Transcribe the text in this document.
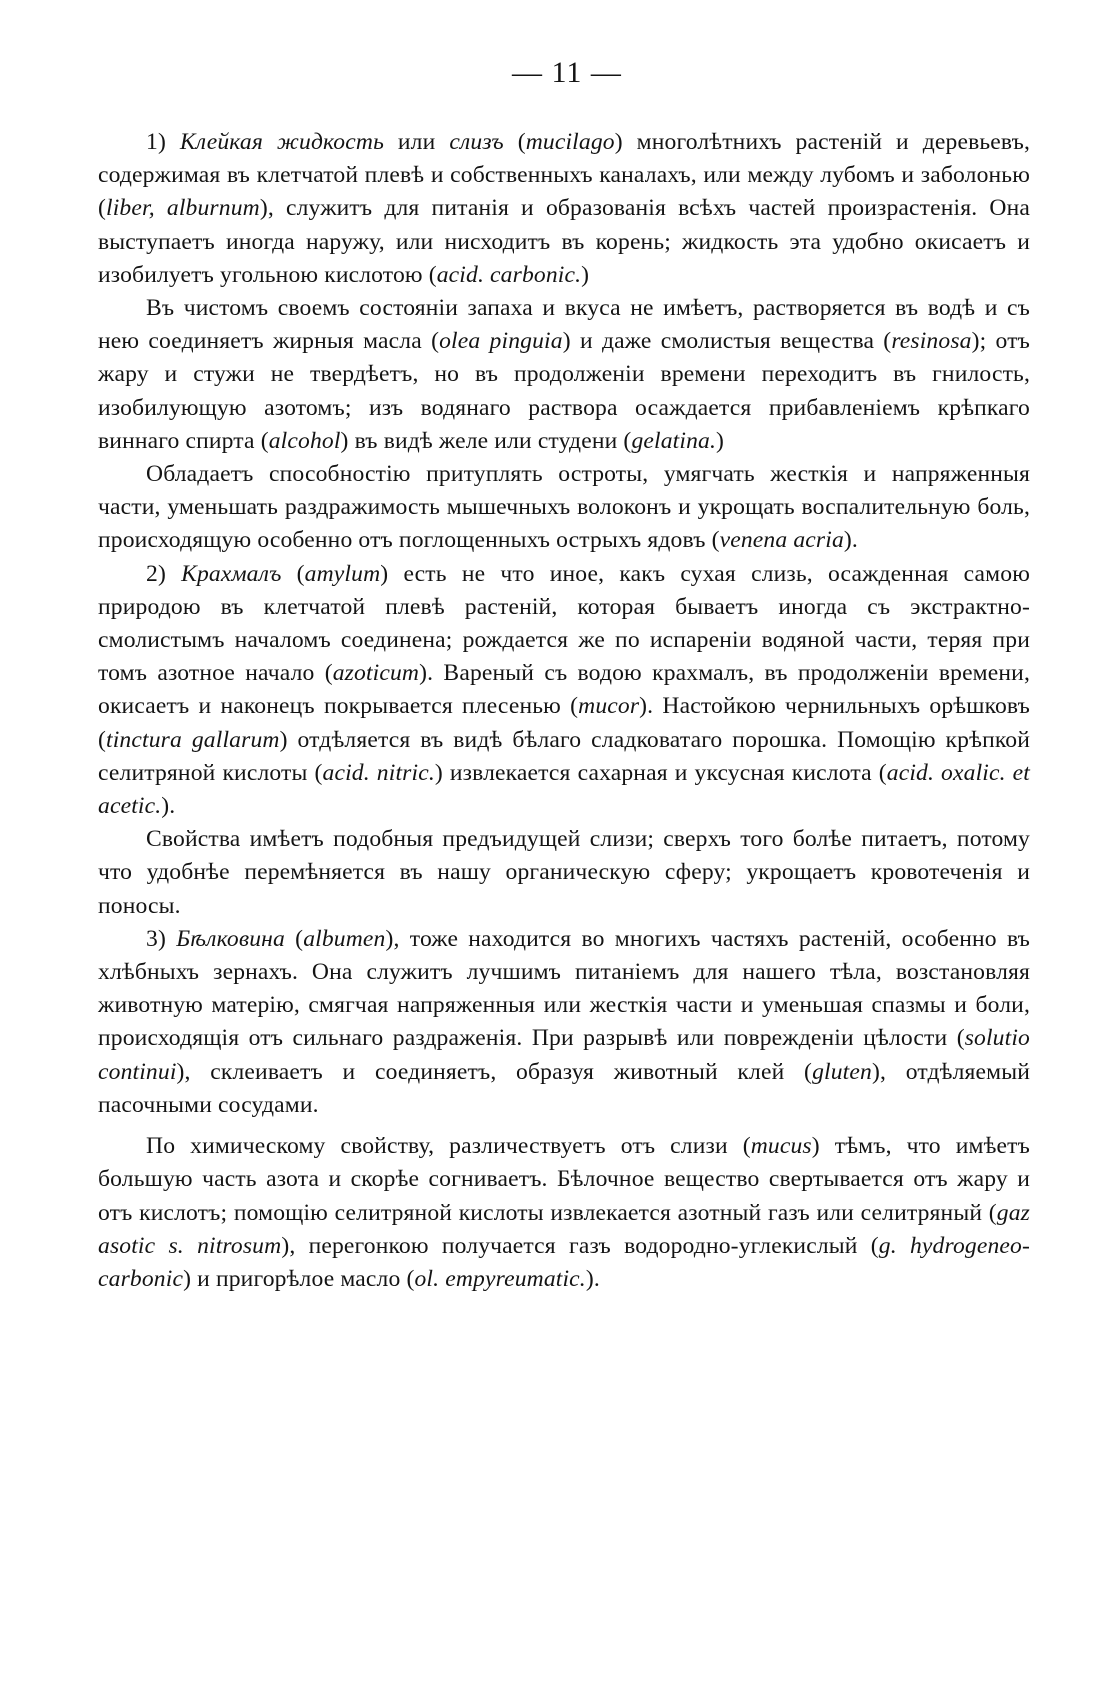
— 11 —

1) Клейкая жидкость или слизъ (mucilago) многолѣтнихъ растеній и деревьевъ, содержимая въ клетчатой плевѣ и собственныхъ каналахъ, или между лубомъ и заболонью (liber, alburnum), служитъ для питанія и образованія всѣхъ частей произрастенія. Она выступаетъ иногда наружу, или нисходитъ въ корень; жидкость эта удобно окисаетъ и изобилуетъ угольною кислотою (acid. carbonic.)

Въ чистомъ своемъ состояніи запаха и вкуса не имѣетъ, растворяется въ водѣ и съ нею соединяетъ жирныя масла (olea pinguia) и даже смолистыя вещества (resinosa); отъ жару и стужи не твердѣетъ, но въ продолженіи времени переходитъ въ гнилость, изобилующую азотомъ; изъ водянаго раствора осаждается прибавленіемъ крѣпкаго виннаго спирта (alcohol) въ видѣ желе или студени (gelatina.)

Обладаетъ способностію притуплять остроты, умягчать жесткія и напряженныя части, уменьшать раздражимость мышечныхъ волоконъ и укрощать воспалительную боль, происходящую особенно отъ поглощенныхъ острыхъ ядовъ (venena acria).

2) Крахмалъ (amylum) есть не что иное, какъ сухая слизь, осажденная самою природою въ клетчатой плевѣ растеній, которая бываетъ иногда съ экстрактно-смолистымъ началомъ соединена; рождается же по испареніи водяной части, теряя при томъ азотное начало (azoticum). Вареный съ водою крахмалъ, въ продолженіи времени, окисаетъ и наконецъ покрывается плесенью (mucor). Настойкою чернильныхъ орѣшковъ (tinctura gallarum) отдѣляется въ видѣ бѣлаго сладковатаго порошка. Помощію крѣпкой селитряной кислоты (acid. nitric.) извлекается сахарная и уксусная кислота (acid. oxalic. et acetic.).

Свойства имѣетъ подобныя предъидущей слизи; сверхъ того болѣе питаетъ, потому что удобнѣе перемѣняется въ нашу органическую сферу; укрощаетъ кровотеченія и поносы.

3) Бѣлковина (albumen), тоже находится во многихъ частяхъ растеній, особенно въ хлѣбныхъ зернахъ. Она служитъ лучшимъ питаніемъ для нашего тѣла, возстановляя животную матерію, смягчая напряженныя или жесткія части и уменьшая спазмы и боли, происходящія отъ сильнаго раздраженія. При разрывѣ или поврежденіи цѣлости (solutio continui), склеиваетъ и соединяетъ, образуя животный клей (gluten), отдѣляемый пасочными сосудами.

По химическому свойству, различествуетъ отъ слизи (mucus) тѣмъ, что имѣетъ большую часть азота и скорѣе согниваетъ. Бѣлочное вещество свертывается отъ жару и отъ кислотъ; помощію селитряной кислоты извлекается азотный газъ или селитряный (gaz asotic s. nitrosum), перегонкою получается газъ водородно-углекислый (g. hydrogeneo-carbonic) и пригорѣлое масло (ol. empyreumatic.).
